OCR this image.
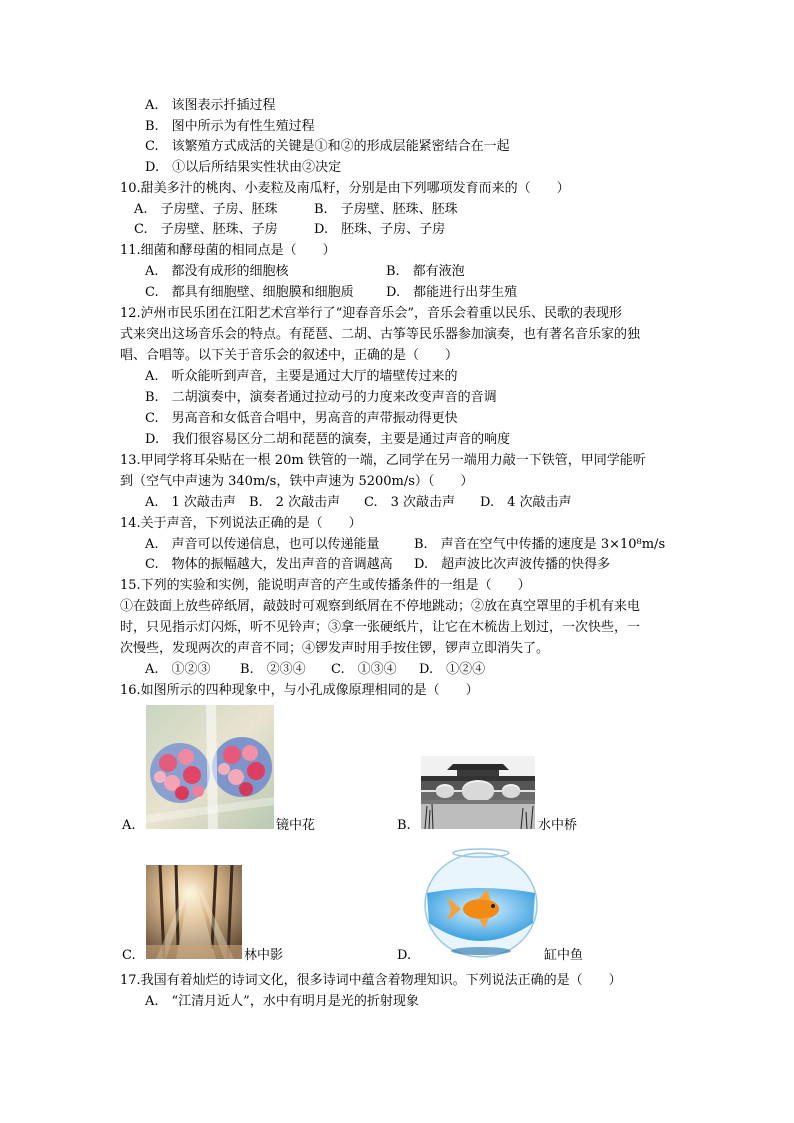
A.　该图表示扦插过程
B.　图中所示为有性生殖过程
C.　该繁殖方式成活的关键是①和②的形成层能紧密结合在一起
D.　①以后所结果实性状由②决定
10.甜美多汁的桃肉、小麦粒及南瓜籽，分别是由下列哪项发育而来的（　　）
A.　子房壁、子房、胚珠	B.　子房壁、胚珠、胚珠
C.　子房壁、胚珠、子房	D.　胚珠、子房、子房
11.细菌和酵母菌的相同点是（　　）
A.　都没有成形的细胞核	B.　都有液泡
C.　都具有细胞壁、细胞膜和细胞质 D.　都能进行出芽生殖
12.泸州市民乐团在江阳艺术宫举行了“迎春音乐会”，音乐会着重以民乐、民歌的表现形
式来突出这场音乐会的特点。有琵琶、二胡、古筝等民乐器参加演奏，也有著名音乐家的独
唱、合唱等。以下关于音乐会的叙述中，正确的是（　　）
A.　听众能听到声音，主要是通过大厅的墙壁传过来的
B.　二胡演奏中，演奏者通过拉动弓的力度来改变声音的音调
C.　男高音和女低音合唱中，男高音的声带振动得更快
D.　我们很容易区分二胡和琵琶的演奏，主要是通过声音的响度
13.甲同学将耳朵贴在一根 20m 铁管的一端，乙同学在另一端用力敲一下铁管，甲同学能听
到（空气中声速为 340m/s，铁中声速为 5200m/s）（　　）
A.　1 次敲击声 B.　2 次敲击声 C.　3 次敲击声 D.　4 次敲击声
14.关于声音，下列说法正确的是（　　）
A.　声音可以传递信息，也可以传递能量	B.　声音在空气中传播的速度是 3×10⁸m/s
C.　物体的振幅越大，发出声音的音调越高 D.　超声波比次声波传播的快得多
15.下列的实验和实例，能说明声音的产生或传播条件的一组是（　　）
①在鼓面上放些碎纸屑，敲鼓时可观察到纸屑在不停地跳动；②放在真空罩里的手机有来电
时，只见指示灯闪烁，听不见铃声；③拿一张硬纸片，让它在木梳齿上划过，一次快些，一
次慢些，发现两次的声音不同；④锣发声时用手按住锣，锣声立即消失了。
A.　①②③ B.　②③④ C.　①③④ D.　①②④
16.如图所示的四种现象中，与小孔成像原理相同的是（　　）
A.	镜中花	B.	水中桥
C.	林中影	D.	缸中鱼
17.我国有着灿烂的诗词文化，很多诗词中蕴含着物理知识。下列说法正确的是（　　）
A.　“江清月近人”，水中有明月是光的折射现象
